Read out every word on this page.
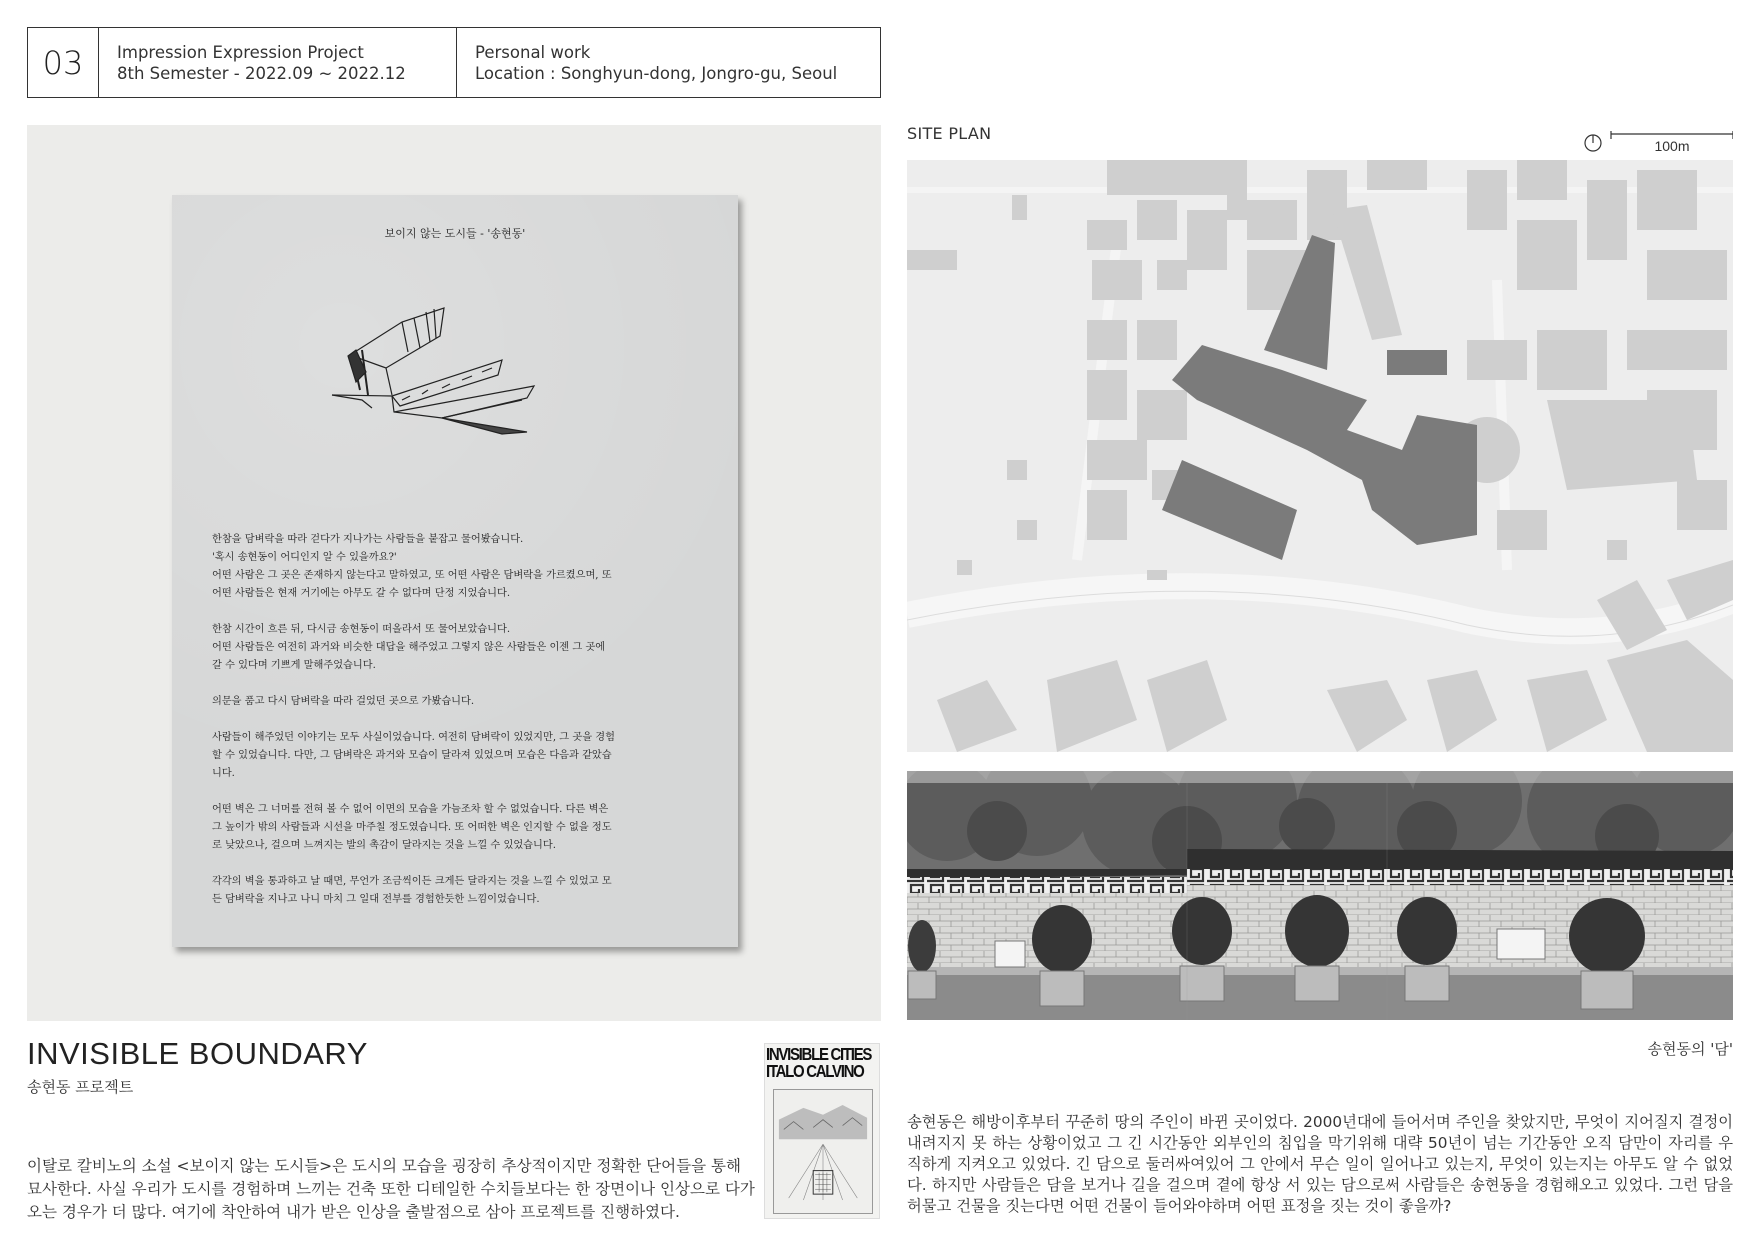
03	Impression Expression Project
8th Semester - 2022.09 ~ 2022.12
Personal work
Location : Songhyun-dong, Jongro-gu, Seoul
보이지 않는 도시들 - '송현동'

한참을 담벼락을 따라 걷다가 지나가는 사람들을 붙잡고 물어봤습니다.
'혹시 송현동이 어디인지 알 수 있을까요?'
어떤 사람은 그 곳은 존재하지 않는다고 말하였고, 또 어떤 사람은 담벼락을 가르켰으며, 또
어떤 사람들은 현재 거기에는 아무도 갈 수 없다며 단정 지었습니다.

한참 시간이 흐른 뒤, 다시금 송현동이 떠올라서 또 물어보았습니다.
어떤 사람들은 여전히 과거와 비슷한 대답을 해주었고 그렇지 않은 사람들은 이젠 그 곳에
갈 수 있다며 기쁘게 말해주었습니다.

의문을 품고 다시 담벼락을 따라 걸었던 곳으로 가봤습니다.

사람들이 해주었던 이야기는 모두 사실이었습니다. 여전히 담벼락이 있었지만, 그 곳을 경험
할 수 있었습니다. 다만, 그 담벼락은 과거와 모습이 달라져 있었으며 모습은 다음과 같았습
니다.

어떤 벽은 그 너머를 전혀 볼 수 없어 이면의 모습을 가늠조차 할 수 없었습니다. 다른 벽은
그 높이가 밖의 사람들과 시선을 마주칠 정도였습니다. 또 어떠한 벽은 인지할 수 없을 정도
로 낮았으나, 걸으며 느껴지는 발의 촉감이 달라지는 것을 느낄 수 있었습니다.

각각의 벽을 통과하고 날 때면, 무언가 조금씩이든 크게든 달라지는 것을 느낄 수 있었고 모
든 담벼락을 지나고 나니 마치 그 일대 전부를 경험한듯한 느낌이었습니다.

INVISIBLE BOUNDARY
송현동 프로젝트
이탈로 칼비노의 소설 <보이지 않는 도시들>은 도시의 모습을 굉장히 추상적이지만 정확한 단어들을 통해 묘사한다. 사실 우리가 도시를 경험하며 느끼는 건축 또한 디테일한 수치들보다는 한 장면이나 인상으로 다가오는 경우가 더 많다. 여기에 착안하여 내가 받은 인상을 출발점으로 삼아 프로젝트를 진행하였다.
INVISIBLE CITIES
ITALO CALVINO
SITE PLAN
100m
송현동의 '담'
송현동은 해방이후부터 꾸준히 땅의 주인이 바뀐 곳이었다. 2000년대에 들어서며 주인을 찾았지만, 무엇이 지어질지 결정이 내려지지 못 하는 상황이었고 그 긴 시간동안 외부인의 침입을 막기위해 대략 50년이 넘는 기간동안 오직 담만이 자리를 우직하게 지켜오고 있었다. 긴 담으로 둘러싸여있어 그 안에서 무슨 일이 일어나고 있는지, 무엇이 있는지는 아무도 알 수 없었다. 하지만 사람들은 담을 보거나 길을 걸으며 곁에 항상 서 있는 담으로써 사람들은 송현동을 경험해오고 있었다. 그런 담을 허물고 건물을 짓는다면 어떤 건물이 들어와야하며 어떤 표정을 짓는 것이 좋을까?
